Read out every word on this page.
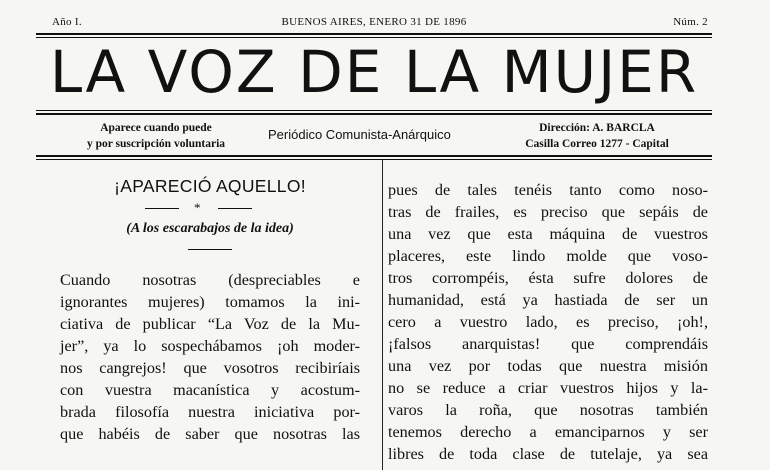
Año I.	BUENOS AIRES, ENERO 31 DE 1896	Núm. 2
LA VOZ DE LA MUJER
Aparece cuando puede
y por suscripción voluntaria
Periódico Comunista-Anárquico	Dirección: A. BARCLA
Casilla Correo 1277 - Capital
¡APARECIÓ AQUELLO!
*
(A los escarabajos de la idea)
Cuando nosotras (despreciables e
ignorantes mujeres) tomamos la ini-
ciativa de publicar “La Voz de la Mu-
jer”, ya lo sospechábamos ¡oh moder-
nos cangrejos! que vosotros recibiríais
con vuestra macanística y acostum-
brada filosofía nuestra iniciativa por-
que habéis de saber que nosotras las
pues de tales tenéis tanto como noso-
tras de frailes, es preciso que sepáis de
una vez que esta máquina de vuestros
placeres, este lindo molde que voso-
tros corrompéis, ésta sufre dolores de
humanidad, está ya hastiada de ser un
cero a vuestro lado, es preciso, ¡oh!,
¡falsos anarquistas! que comprendáis
una vez por todas que nuestra misión
no se reduce a criar vuestros hijos y la-
varos la roña, que nosotras también
tenemos derecho a emanciparnos y ser
libres de toda clase de tutelaje, ya sea
